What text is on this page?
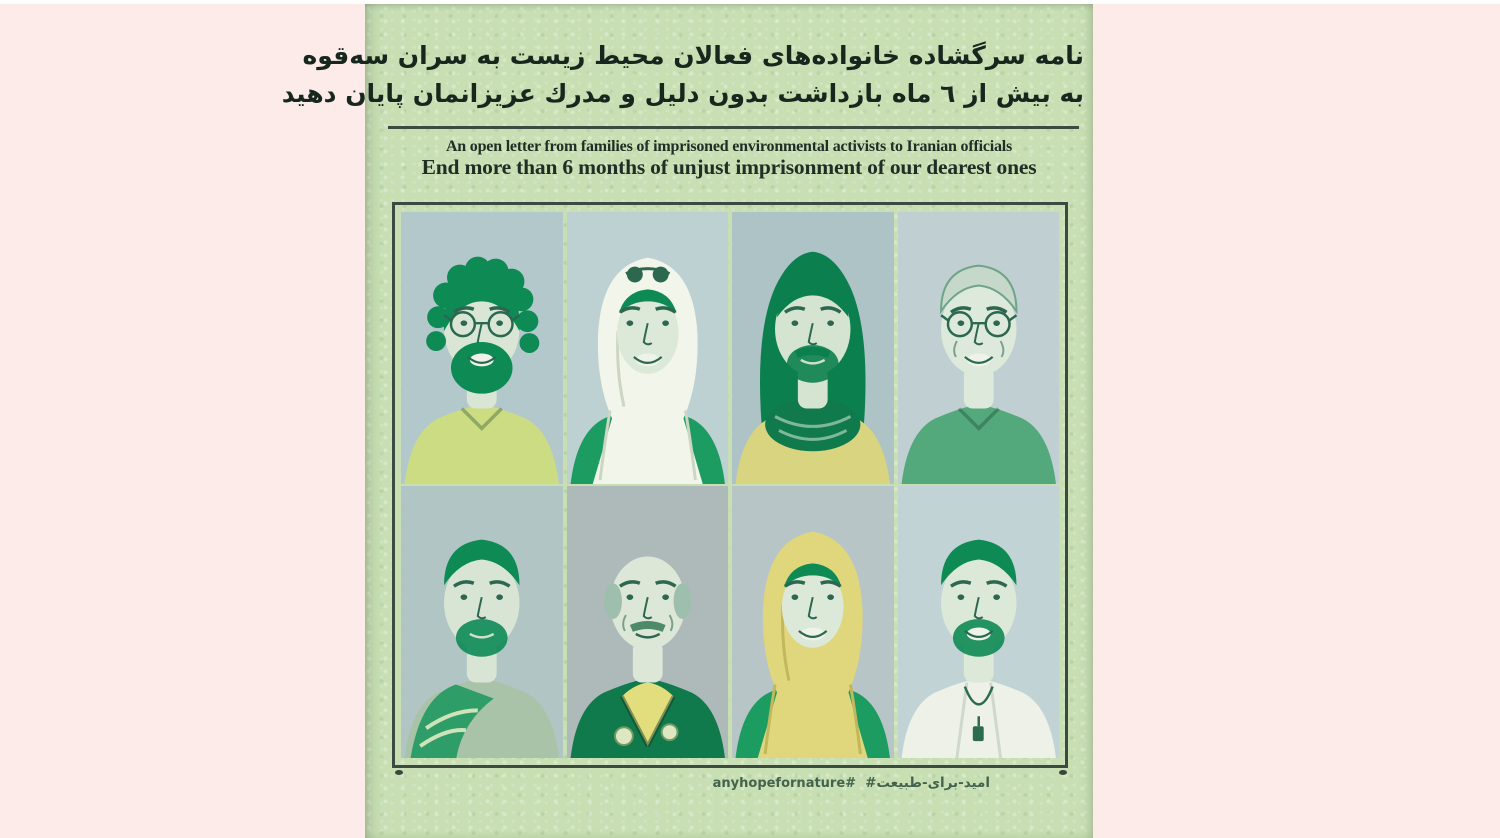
نامه سرگشاده خانواده‌های فعالان محیط زیست به سران سه‌قوه
به بیش از ٦ ماه بازداشت بدون دلیل و مدرك عزیزانمان پایان دهید
An open letter from families of imprisoned environmental activists to Iranian officials
End more than 6 months of unjust imprisonment of our dearest ones
anyhopefornature# #امید-برای-طبیعت
